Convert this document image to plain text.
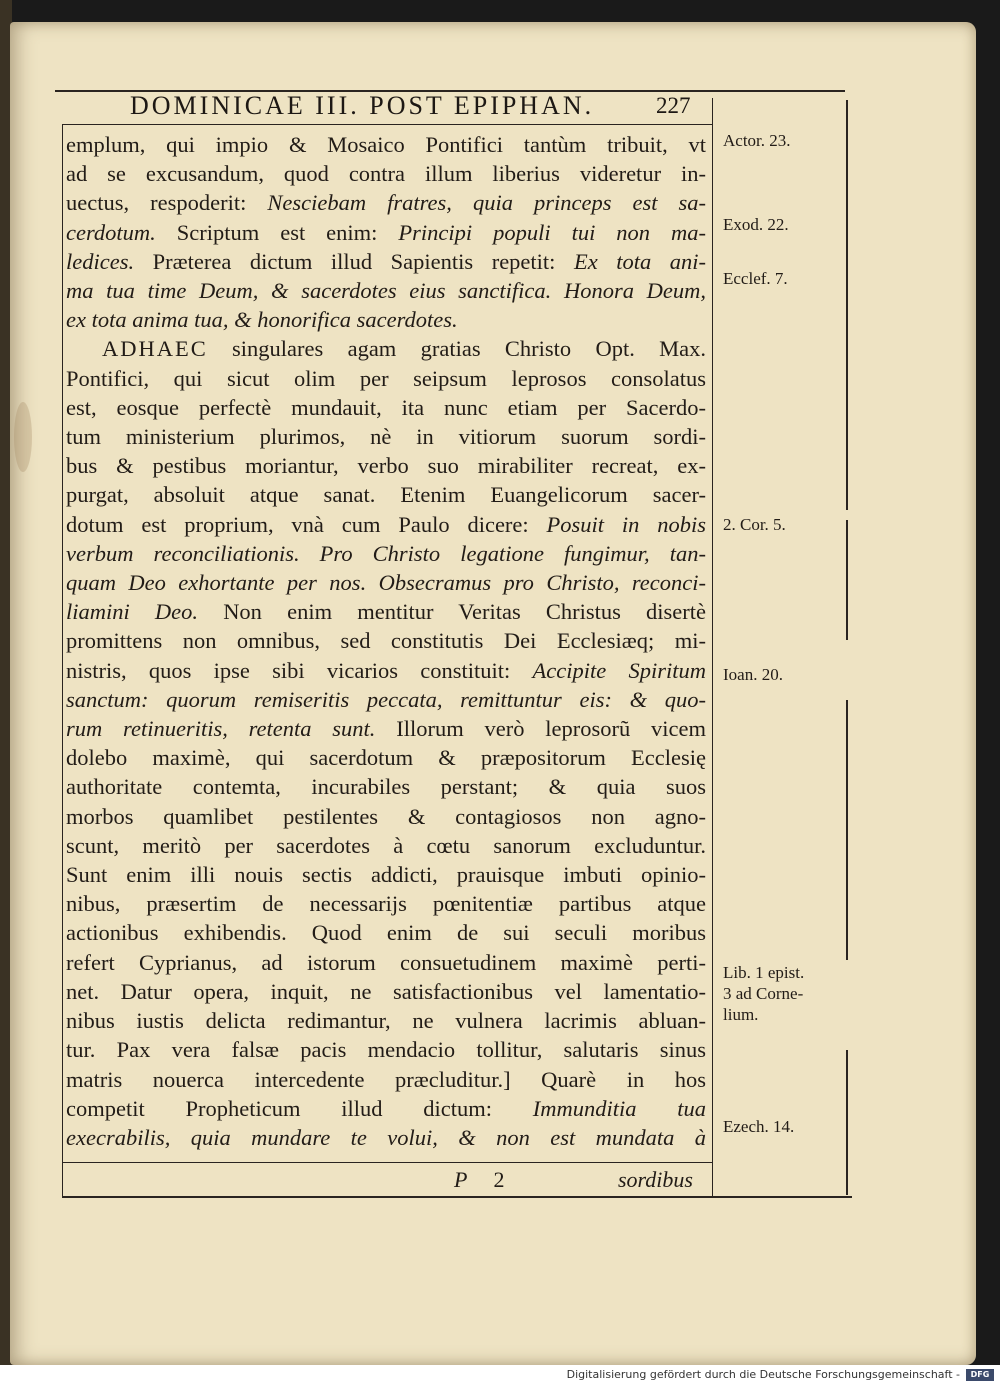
DOMINICAE III. POST EPIPHAN.	227
emplum, qui impio & Mosaico Pontifici tantùm tribuit, vt
ad se excusandum, quod contra illum liberius videretur in-
uectus, respoderit: Nesciebam fratres, quia princeps est sa-
cerdotum. Scriptum est enim: Principi populi tui non ma-
ledices. Præterea dictum illud Sapientis repetit: Ex tota ani-
ma tua time Deum, & sacerdotes eius sanctifica. Honora Deum,
ex tota anima tua, & honorifica sacerdotes.
ADHAEC singulares agam gratias Christo Opt. Max.
Pontifici, qui sicut olim per seipsum leprosos consolatus
est, eosque perfectè mundauit, ita nunc etiam per Sacerdo-
tum ministerium plurimos, nè in vitiorum suorum sordi-
bus & pestibus moriantur, verbo suo mirabiliter recreat, ex-
purgat, absoluit atque sanat. Etenim Euangelicorum sacer-
dotum est proprium, vnà cum Paulo dicere: Posuit in nobis
verbum reconciliationis. Pro Christo legatione fungimur, tan-
quam Deo exhortante per nos. Obsecramus pro Christo, reconci-
liamini Deo. Non enim mentitur Veritas Christus disertè
promittens non omnibus, sed constitutis Dei Ecclesiæq; mi-
nistris, quos ipse sibi vicarios constituit: Accipite Spiritum
sanctum: quorum remiseritis peccata, remittuntur eis: & quo-
rum retinueritis, retenta sunt. Illorum verò leprosorũ vicem
dolebo maximè, qui sacerdotum & præpositorum Ecclesię
authoritate contemta, incurabiles perstant; & quia suos
morbos quamlibet pestilentes & contagiosos non agno-
scunt, meritò per sacerdotes à cœtu sanorum excluduntur.
Sunt enim illi nouis sectis addicti, prauisque imbuti opinio-
nibus, præsertim de necessarijs pœnitentiæ partibus atque
actionibus exhibendis. Quod enim de sui seculi moribus
refert Cyprianus, ad istorum consuetudinem maximè perti-
net. Datur opera, inquit, ne satisfactionibus vel lamentatio-
nibus iustis delicta redimantur, ne vulnera lacrimis abluan-
tur. Pax vera falsæ pacis mendacio tollitur, salutaris sinus
matris nouerca intercedente præcluditur.] Quarè in hos
competit Propheticum illud dictum: Immunditia tua
execrabilis, quia mundare te volui, & non est mundata à
P 2	sordibus
Actor. 23.
Exod. 22.
Ecclef. 7.
2. Cor. 5.
Ioan. 20.
Lib. 1 epist.
3 ad Corne-
lium.
Ezech. 14.
Digitalisierung gefördert durch die Deutsche Forschungsgemeinschaft -	DFG
